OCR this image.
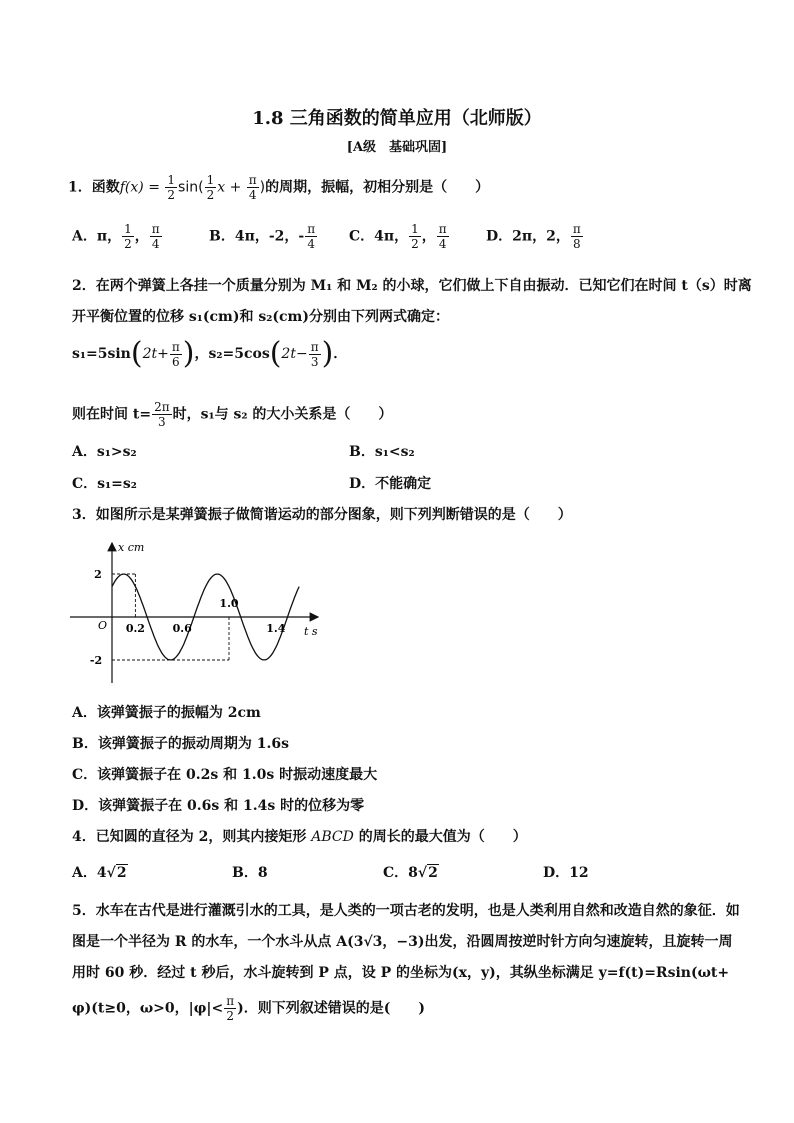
1.8 三角函数的简单应用（北师版）
[A级　基础巩固]
1．函数$f(x) = \frac{1}{2} \sin( \frac{1}{2}$ $x + \frac{\pi}{4}$ )的周期，振幅，初相分别是（　　）
A．π， $\frac{1}{2}$ ， $\frac{\pi}{4}$	B．4π，-2，- $\frac{\pi}{4}$ C．4π， $\frac{1}{2}$ ， $\frac{\pi}{4}$	D．2π，2， $\frac{\pi}{8}$
2．在两个弹簧上各挂一个质量分别为 M₁ 和 M₂ 的小球，它们做上下自由振动．已知它们在时间 t（s）时离
开平衡位置的位移 s₁(cm)和 s₂(cm)分别由下列两式确定：
$s_1=5\sin(2t+ \frac{\pi}{6}$ )，$s_2=5\cos(2t- \frac{\pi}{3}$ )．
则在时间 $t= \frac{2\pi}{3}$ 时，s₁与 s₂ 的大小关系是（　　）
A．s₁>s₂	B．s₁<s₂
C．s₁=s₂	D．不能确定
3．如图所示是某弹簧振子做简谐运动的部分图象，则下列判断错误的是（　　）
0.2	0.6
1.0
1.4
2
-2
x cm
t s
O
A．该弹簧振子的振幅为 2cm
B．该弹簧振子的振动周期为 1.6s
C．该弹簧振子在 0.2s 和 1.0s 时振动速度最大
D．该弹簧振子在 0.6s 和 1.4s 时的位移为零
4．已知圆的直径为 2，则其内接矩形 ABCD 的周长的最大值为（　　）
A．4√2	B．8	C．8√2	D．12
5．水车在古代是进行灌溉引水的工具，是人类的一项古老的发明，也是人类利用自然和改造自然的象征．如
图是一个半径为 R 的水车，一个水斗从点 A(3√3，−3)出发，沿圆周按逆时针方向匀速旋转，且旋转一周
用时 60 秒．经过 t 秒后，水斗旋转到 P 点，设 P 的坐标为(x，y)，其纵坐标满足 y=f(t)=Rsin(ωt+
φ)(t≥0，ω>0，$|\varphi|< \frac{\pi}{2}$ )．则下列叙述错误的是(　　)
